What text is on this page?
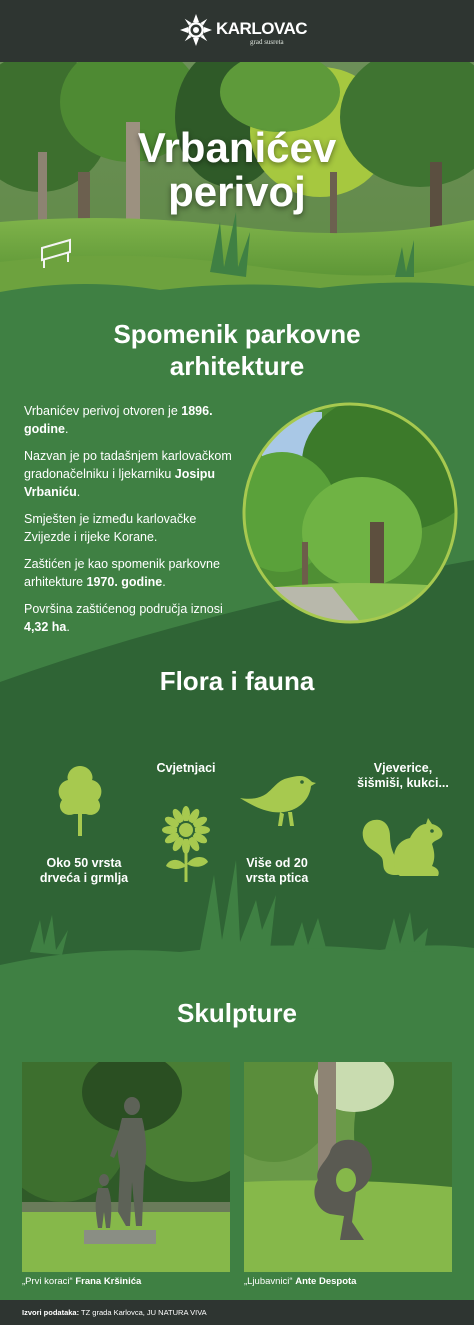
KARLOVAC
grad susreta
Vrbanićev
perivoj
Spomenik parkovne
arhitekture

Vrbanićev perivoj otvoren je 1896. godine.

Nazvan je po tadašnjem karlovačkom gradonačelniku i ljekarniku Josipu Vrbaniću.

Smješten je između karlovačke Zvijezde i rijeke Korane.

Zaštićen je kao spomenik parkovne arhitekture 1970. godine.

Površina zaštićenog područja iznosi 4,32 ha.

Flora i fauna
Oko 50 vrsta
drveća i grmlja
Cvjetnjaci
Više od 20
vrsta ptica
Vjeverice,
šišmiši, kukci...
Skulpture
„Prvi koraci“ Frana Kršinića	„Ljubavnici“ Ante Despota
Izvori podataka: TZ grada Karlovca, JU NATURA VIVA
